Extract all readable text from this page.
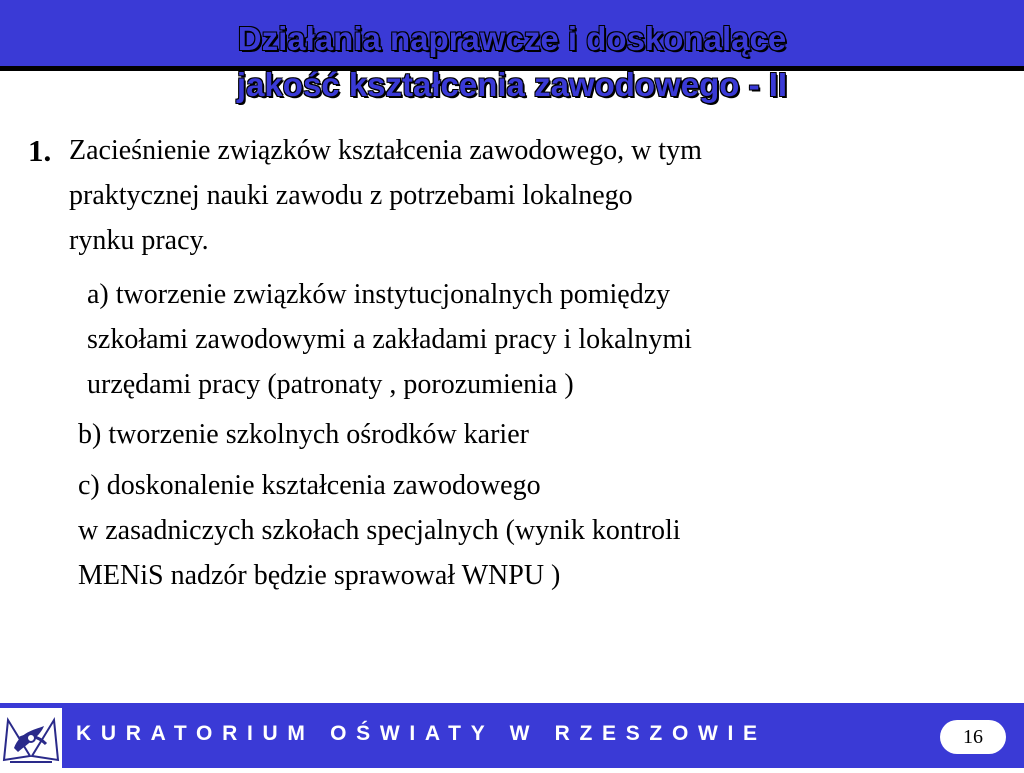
Działania naprawcze i doskonalące
jakość kształcenia zawodowego - II
1. Zacieśnienie związków kształcenia zawodowego, w tym
praktycznej nauki zawodu z potrzebami lokalnego
rynku pracy.
a) tworzenie związków instytucjonalnych pomiędzy
szkołami zawodowymi a zakładami pracy i lokalnymi
urzędami pracy (patronaty , porozumienia )
b) tworzenie szkolnych ośrodków karier
c) doskonalenie kształcenia zawodowego
w zasadniczych szkołach specjalnych (wynik kontroli
MENiS nadzór będzie sprawował WNPU )
KURATORIUM OŚWIATY W RZESZOWIE	16
